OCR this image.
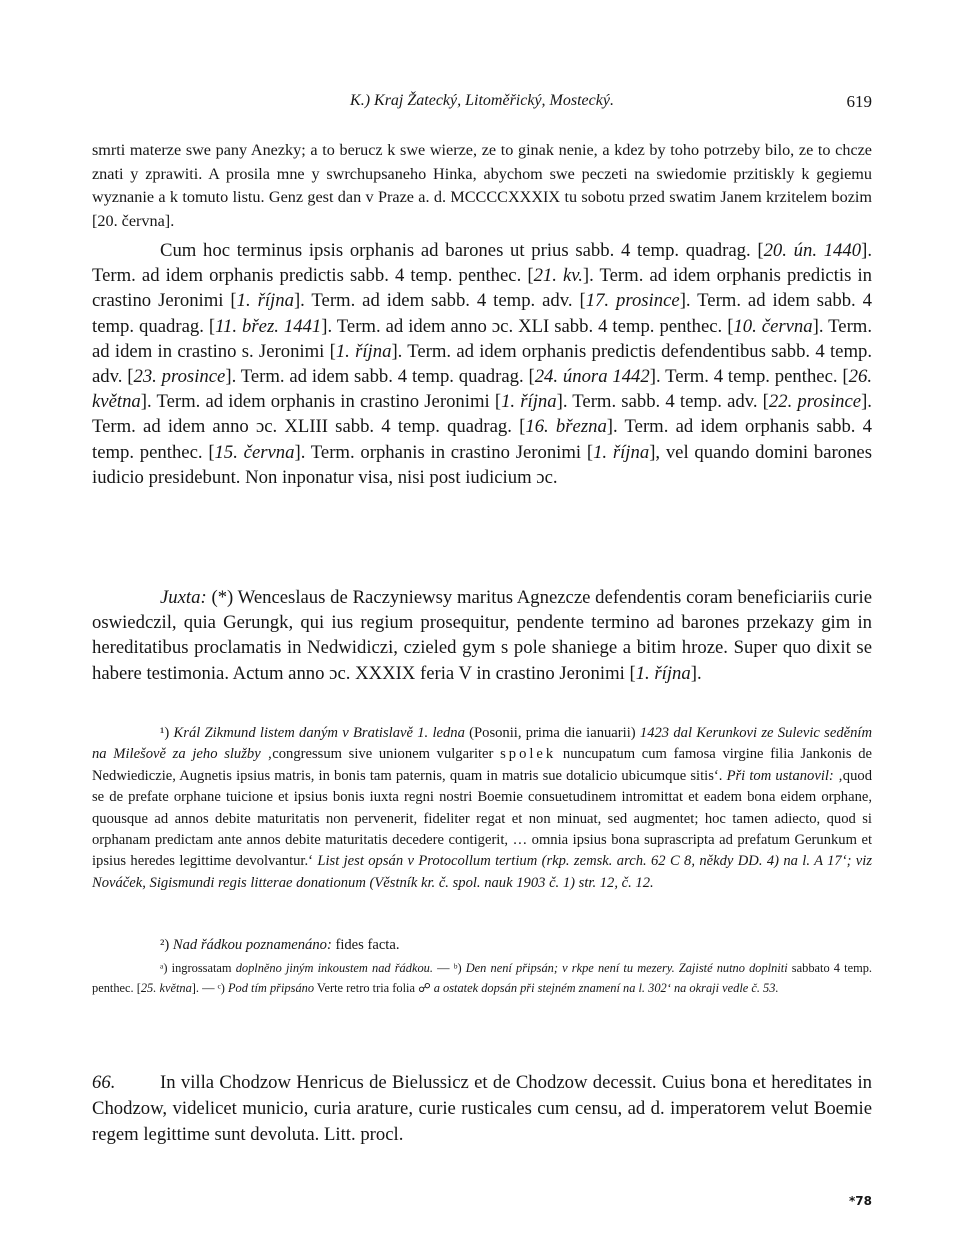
K.) Kraj Žatecký, Litoměřický, Mostecký.	619

smrti materze swe pany Anezky; a to berucz k swe wierze, ze to ginak nenie, a kdez by toho potrzeby bilo, ze to chcze znati y zprawiti. A prosila mne y swrchupsaneho Hinka, abychom swe peczeti na swiedomie przitiskly k gegiemu wyznanie a k tomuto listu. Genz gest dan v Praze a. d. MCCCCXXXIX tu sobotu przed swatim Janem krzitelem bozim [20. června].

Cum hoc terminus ipsis orphanis ad barones ut prius sabb. 4 temp. quadrag. [20. ún. 1440]. Term. ad idem orphanis predictis sabb. 4 temp. penthec. [21. kv.]. Term. ad idem orphanis predictis in crastino Jeronimi [1. října]. Term. ad idem sabb. 4 temp. adv. [17. prosince]. Term. ad idem sabb. 4 temp. quadrag. [11. břez. 1441]. Term. ad idem anno ɔc. XLI sabb. 4 temp. penthec. [10. června]. Term. ad idem in crastino s. Jeronimi [1. října]. Term. ad idem orphanis predictis defendentibus sabb. 4 temp. adv. [23. prosince]. Term. ad idem sabb. 4 temp. quadrag. [24. února 1442]. Term. 4 temp. penthec. [26. května]. Term. ad idem orphanis in crastino Jeronimi [1. října]. Term. sabb. 4 temp. adv. [22. prosince]. Term. ad idem anno ɔc. XLIII sabb. 4 temp. quadrag. [16. března]. Term. ad idem orphanis sabb. 4 temp. penthec. [15. června]. Term. orphanis in crastino Jeronimi [1. října], vel quando domini barones iudicio presidebunt. Non inponatur visa, nisi post iudicium ɔc.

Juxta: (*) Wenceslaus de Raczyniewsy maritus Agnezcze defendentis coram beneficiariis curie oswiedczil, quia Gerungk, qui ius regium prosequitur, pendente termino ad barones przekazy gim in hereditatibus proclamatis in Nedwidiczi, czieled gym s pole shaniege a bitim hroze. Super quo dixit se habere testimonia. Actum anno ɔc. XXXIX feria V in crastino Jeronimi [1. října].

¹) Král Zikmund listem daným v Bratislavě 1. ledna (Posonii, prima die ianuarii) 1423 dal Kerunkovi ze Sulevic seděním na Milešově za jeho služby ‚congressum sive unionem vulgariter spolek nuncupatum cum famosa virgine filia Jankonis de Nedwiediczie, Augnetis ipsius matris, in bonis tam paternis, quam in matris sue dotalicio ubicumque sitis‘. Při tom ustanovil: ‚quod se de prefate orphane tuicione et ipsius bonis iuxta regni nostri Boemie consuetudinem intromittat et eadem bona eidem orphane, quousque ad annos debite maturitatis non pervenerit, fideliter regat et non minuat, sed augmentet; hoc tamen adiecto, quod si orphanam predictam ante annos debite maturitatis decedere contigerit, … omnia ipsius bona suprascripta ad prefatum Gerunkum et ipsius heredes legittime devolvantur.‘ List jest opsán v Protocollum tertium (rkp. zemsk. arch. 62 C 8, někdy DD. 4) na l. A 17‘; viz Nováček, Sigismundi regis litterae donationum (Věstník kr. č. spol. nauk 1903 č. 1) str. 12, č. 12.

²) Nad řádkou poznamenáno: fides facta.

ᵃ) ingrossatam doplněno jiným inkoustem nad řádkou. — ᵇ) Den není připsán; v rkpe není tu mezery. Zajisté nutno doplniti sabbato 4 temp. penthec. [25. května]. — ᶜ) Pod tím připsáno Verte retro tria folia ☍ a ostatek dopsán při stejném znamení na l. 302‘ na okraji vedle č. 53.

66. In villa Chodzow Henricus de Bielussicz et de Chodzow decessit. Cuius bona et hereditates in Chodzow, videlicet municio, curia arature, curie rusticales cum censu, ad d. imperatorem velut Boemie regem legittime sunt devoluta. Litt. procl.

*78
